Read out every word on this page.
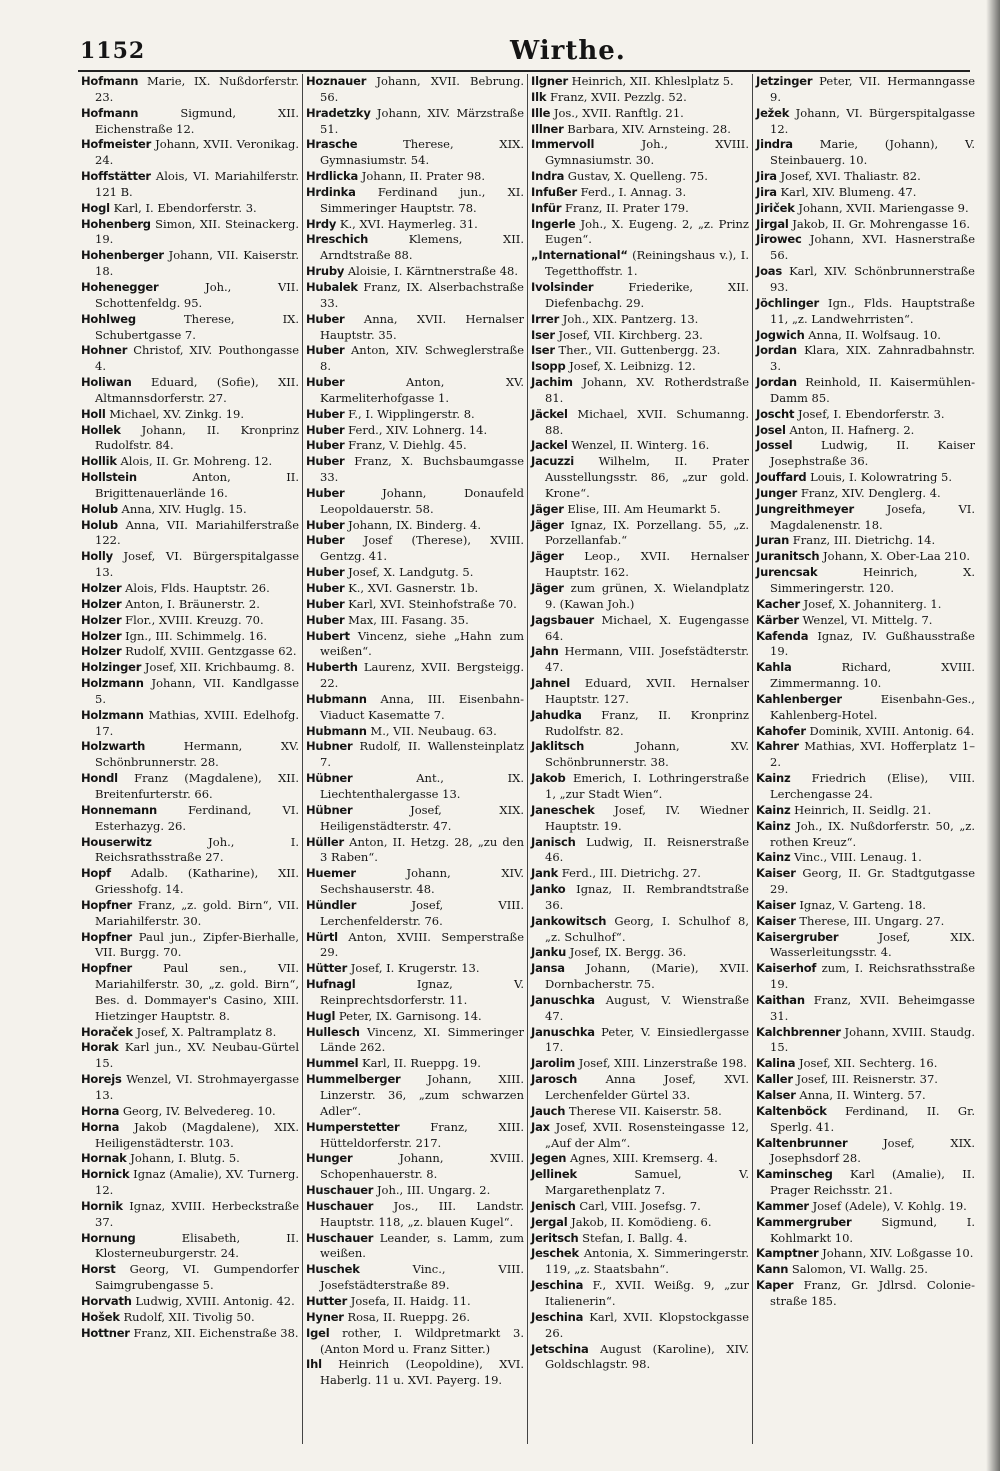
1152	Wirthe.

Hofmann Marie, IX. Nußdorferstr. 23.

Hofmann	Sigmund, XII. Eichenstraße 12.

Hofmeister Johann, XVII. Veronikag. 24.

Hoffstätter Alois, VI. Mariahilferstr. 121 B.

Hogl Karl, I. Ebendorferstr. 3.

Hohenberg Simon, XII. Steinackerg. 19.

Hohenberger Johann, VII. Kaiserstr. 18.

Hohenegger	Joh., VII. Schottenfeldg. 95.

Hohlweg	Therese, IX. Schubertgasse 7.

Hohner Christof, XIV. Pouthongasse 4.

Holiwan Eduard, (Sofie), XII. Altmannsdorferstr. 27.

Holl Michael, XV. Zinkg. 19.

Hollek Johann, II. Kronprinz Rudolfstr. 84.

Hollik Alois, II. Gr. Mohreng. 12.

Hollstein	Anton, II. Brigittenauerlände 16.

Holub Anna, XIV. Huglg. 15.

Holub Anna, VII. Mariahilferstraße 122.

Holly Josef, VI. Bürgerspitalgasse 13.

Holzer Alois, Flds. Hauptstr. 26.

Holzer Anton, I. Bräunerstr. 2.

Holzer Flor., XVIII. Kreuzg. 70.

Holzer Ign., III. Schimmelg. 16.

Holzer Rudolf, XVIII. Gentzgasse 62.

Holzinger Josef, XII. Krichbaumg. 8.

Holzmann Johann, VII. Kandlgasse 5.

Holzmann Mathias, XVIII. Edelhofg. 17.

Holzwarth	Hermann, XV. Schönbrunnerstr. 28.

Hondl Franz (Magdalene), XII. Breitenfurterstr. 66.

Honnemann	Ferdinand, VI. Esterhazyg. 26.

Houserwitz	Joh., I. Reichsrathsstraße 27.

Hopf Adalb. (Katharine), XII. Griesshofg. 14.

Hopfner Franz, „z. gold. Birn“, VII. Mariahilferstr. 30.

Hopfner Paul jun., Zipfer-Bierhalle, VII. Burgg. 70.

Hopfner	Paul sen., VII. Mariahilferstr. 30, „z. gold. Birn“, Bes. d. Dommayer's Casino, XIII. Hietzinger Hauptstr. 8.

Horaček Josef, X. Paltramplatz 8.

Horak Karl jun., XV. Neubau-Gürtel 15.

Horejs Wenzel, VI. Strohmayergasse 13.

Horna Georg, IV. Belvedereg. 10.

Horna Jakob (Magdalene), XIX. Heiligenstädterstr. 103.

Hornak Johann, I. Blutg. 5.

Hornick Ignaz (Amalie), XV. Turnerg. 12.

Hornik Ignaz, XVIII. Herbeckstraße 37.

Hornung	Elisabeth, II. Klosterneuburgerstr. 24.

Horst Georg, VI. Gumpendorfer Saimgrubengasse 5.

Horvath Ludwig, XVIII. Antonig. 42.

Hošek Rudolf, XII. Tivolig 50.

Hottner Franz, XII. Eichenstraße 38.

Hoznauer Johann, XVII. Bebrung. 56.

Hradetzky Johann, XIV. Märzstraße 51.

Hrasche	Therese, XIX. Gymnasiumstr. 54.

Hrdlicka Johann, II. Prater 98.

Hrdinka Ferdinand jun., XI. Simmeringer Hauptstr. 78.

Hrdy K., XVI. Haymerleg. 31.

Hreschich	Klemens, XII. Arndtstraße 88.

Hruby Aloisie, I. Kärntnerstraße 48.

Hubalek Franz, IX. Alserbachstraße 33.

Huber Anna, XVII. Hernalser Hauptstr. 35.

Huber Anton, XIV. Schweglerstraße 8.

Huber	Anton, XV. Karmeliterhofgasse 1.

Huber F., I. Wipplingerstr. 8.

Huber Ferd., XIV. Lohnerg. 14.

Huber Franz, V. Diehlg. 45.

Huber Franz, X. Buchsbaumgasse 33.

Huber	Johann, Donaufeld Leopoldauerstr. 58.

Huber Johann, IX. Binderg. 4.

Huber Josef (Therese), XVIII. Gentzg. 41.

Huber Josef, X. Landgutg. 5.

Huber K., XVI. Gasnerstr. 1b.

Huber Karl, XVI. Steinhofstraße 70.

Huber Max, III. Fasang. 35.

Hubert Vincenz, siehe „Hahn zum weißen“.

Huberth Laurenz, XVII. Bergsteigg. 22.

Hubmann Anna, III. Eisenbahn-Viaduct Kasematte 7.

Hubmann M., VII. Neubaug. 63.

Hubner Rudolf, II. Wallensteinplatz 7.

Hübner	Ant., IX. Liechtenthalergasse 13.

Hübner	Josef, XIX. Heiligenstädterstr. 47.

Hüller Anton, II. Hetzg. 28, „zu den 3 Raben“.

Huemer	Johann, XIV. Sechshauserstr. 48.

Hündler	Josef, VIII. Lerchenfelderstr. 76.

Hürtl Anton, XVIII. Semperstraße 29.

Hütter Josef, I. Krugerstr. 13.

Hufnagl	Ignaz, V. Reinprechtsdorferstr. 11.

Hugl Peter, IX. Garnisong. 14.

Hullesch Vincenz, XI. Simmeringer Lände 262.

Hummel Karl, II. Rueppg. 19.

Hummelberger Johann, XIII. Linzerstr. 36, „zum schwarzen Adler“.

Humperstetter	Franz, XIII. Hütteldorferstr. 217.

Hunger	Johann, XVIII. Schopenhauerstr. 8.

Huschauer Joh., III. Ungarg. 2.

Huschauer Jos., III. Landstr. Hauptstr. 118, „z. blauen Kugel“.

Huschauer Leander, s. Lamm, zum weißen.

Huschek	Vinc., VIII. Josefstädterstraße 89.

Hutter Josefa, II. Haidg. 11.

Hyner Rosa, II. Rueppg. 26.

Igel rother, I. Wildpretmarkt 3. (Anton Mord u. Franz Sitter.)

Ihl Heinrich (Leopoldine), XVI. Haberlg. 11 u. XVI. Payerg. 19.

Ilgner Heinrich, XII. Khleslplatz 5.

Ilk Franz, XVII. Pezzlg. 52.

Ille Jos., XVII. Ranftlg. 21.

Illner Barbara, XIV. Arnsteing. 28.

Immervoll	Joh., XVIII. Gymnasiumstr. 30.

Indra Gustav, X. Quelleng. 75.

Infußer Ferd., I. Annag. 3.

Infür Franz, II. Prater 179.

Ingerle Joh., X. Eugeng. 2, „z. Prinz Eugen“.

„International“ (Reiningshaus v.), I. Tegetthoffstr. 1.

Ivolsinder	Friederike, XII. Diefenbachg. 29.

Irrer Joh., XIX. Pantzerg. 13.

Iser Josef, VII. Kirchberg. 23.

Iser Ther., VII. Guttenbergg. 23.

Isopp Josef, X. Leibnizg. 12.

Jachim Johann, XV. Rotherdstraße 81.

Jäckel Michael, XVII. Schumanng. 88.

Jackel Wenzel, II. Winterg. 16.

Jacuzzi Wilhelm, II. Prater Ausstellungsstr. 86, „zur gold. Krone“.

Jäger Elise, III. Am Heumarkt 5.

Jäger Ignaz, IX. Porzellang. 55, „z. Porzellanfab.“

Jäger Leop., XVII. Hernalser Hauptstr. 162.

Jäger zum grünen, X. Wielandplatz 9. (Kawan Joh.)

Jagsbauer Michael, X. Eugengasse 64.

Jahn Hermann, VIII. Josefstädterstr. 47.

Jahnel Eduard, XVII. Hernalser Hauptstr. 127.

Jahudka Franz, II. Kronprinz Rudolfstr. 82.

Jaklitsch	Johann, XV. Schönbrunnerstr. 38.

Jakob Emerich, I. Lothringerstraße 1, „zur Stadt Wien“.

Janeschek Josef, IV. Wiedner Hauptstr. 19.

Janisch Ludwig, II. Reisnerstraße 46.

Jank Ferd., III. Dietrichg. 27.

Janko Ignaz, II. Rembrandtstraße 36.

Jankowitsch Georg, I. Schulhof 8, „z. Schulhof“.

Janku Josef, IX. Bergg. 36.

Jansa Johann, (Marie), XVII. Dornbacherstr. 75.

Januschka August, V. Wienstraße 47.

Januschka Peter, V. Einsiedlergasse 17.

Jarolim Josef, XIII. Linzerstraße 198.

Jarosch Anna Josef, XVI. Lerchenfelder Gürtel 33.

Jauch Therese VII. Kaiserstr. 58.

Jax Josef, XVII. Rosensteingasse 12, „Auf der Alm“.

Jegen Agnes, XIII. Kremserg. 4.

Jellinek	Samuel, V. Margarethenplatz 7.

Jenisch Carl, VIII. Josefsg. 7.

Jergal Jakob, II. Komödieng. 6.

Jeritsch Stefan, I. Ballg. 4.

Jeschek Antonia, X. Simmeringerstr. 119, „z. Staatsbahn“.

Jeschina F., XVII. Weißg. 9, „zur Italienerin“.

Jeschina Karl, XVII. Klopstockgasse 26.

Jetschina August (Karoline), XIV. Goldschlagstr. 98.

Jetzinger Peter, VII. Hermanngasse 9.

Ježek Johann, VI. Bürgerspitalgasse 12.

Jindra Marie, (Johann), V. Steinbauerg. 10.

Jira Josef, XVI. Thaliastr. 82.

Jira Karl, XIV. Blumeng. 47.

Jiriček Johann, XVII. Mariengasse 9.

Jirgal Jakob, II. Gr. Mohrengasse 16.

Jirowec Johann, XVI. Hasnerstraße 56.

Joas Karl, XIV. Schönbrunnerstraße 93.

Jöchlinger Ign., Flds. Hauptstraße 11, „z. Landwehrristen“.

Jogwich Anna, II. Wolfsaug. 10.

Jordan Klara, XIX. Zahnradbahnstr. 3.

Jordan Reinhold, II. Kaisermühlen-Damm 85.

Joscht Josef, I. Ebendorferstr. 3.

Josel Anton, II. Hafnerg. 2.

Jossel Ludwig, II. Kaiser Josephstraße 36.

Jouffard Louis, I. Kolowratring 5.

Junger Franz, XIV. Denglerg. 4.

Jungreithmeyer	Josefa, VI. Magdalenenstr. 18.

Juran Franz, III. Dietrichg. 14.

Juranitsch Johann, X. Ober-Laa 210.

Jurencsak	Heinrich, X. Simmeringerstr. 120.

Kacher Josef, X. Johanniterg. 1.

Kärber Wenzel, VI. Mittelg. 7.

Kafenda Ignaz, IV. Gußhausstraße 19.

Kahla	Richard, XVIII. Zimmermanng. 10.

Kahlenberger	Eisenbahn-Ges., Kahlenberg-Hotel.

Kahofer Dominik, XVIII. Antonig. 64.

Kahrer Mathias, XVI. Hofferplatz 1–2.

Kainz Friedrich (Elise), VIII. Lerchengasse 24.

Kainz Heinrich, II. Seidlg. 21.

Kainz Joh., IX. Nußdorferstr. 50, „z. rothen Kreuz“.

Kainz Vinc., VIII. Lenaug. 1.

Kaiser Georg, II. Gr. Stadtgutgasse 29.

Kaiser Ignaz, V. Garteng. 18.

Kaiser Therese, III. Ungarg. 27.

Kaisergruber	Josef, XIX. Wasserleitungsstr. 4.

Kaiserhof zum, I. Reichsrathsstraße 19.

Kaithan Franz, XVII. Beheimgasse 31.

Kalchbrenner Johann, XVIII. Staudg. 15.

Kalina Josef, XII. Sechterg. 16.

Kaller Josef, III. Reisnerstr. 37.

Kalser Anna, II. Winterg. 57.

Kaltenböck Ferdinand, II. Gr. Sperlg. 41.

Kaltenbrunner	Josef, XIX. Josephsdorf 28.

Kaminscheg Karl (Amalie), II. Prager Reichsstr. 21.

Kammer Josef (Adele), V. Kohlg. 19.

Kammergruber	Sigmund, I. Kohlmarkt 10.

Kamptner Johann, XIV. Loßgasse 10.

Kann Salomon, VI. Wallg. 25.

Kaper Franz, Gr. Jdlrsd. Colonie-straße 185.
